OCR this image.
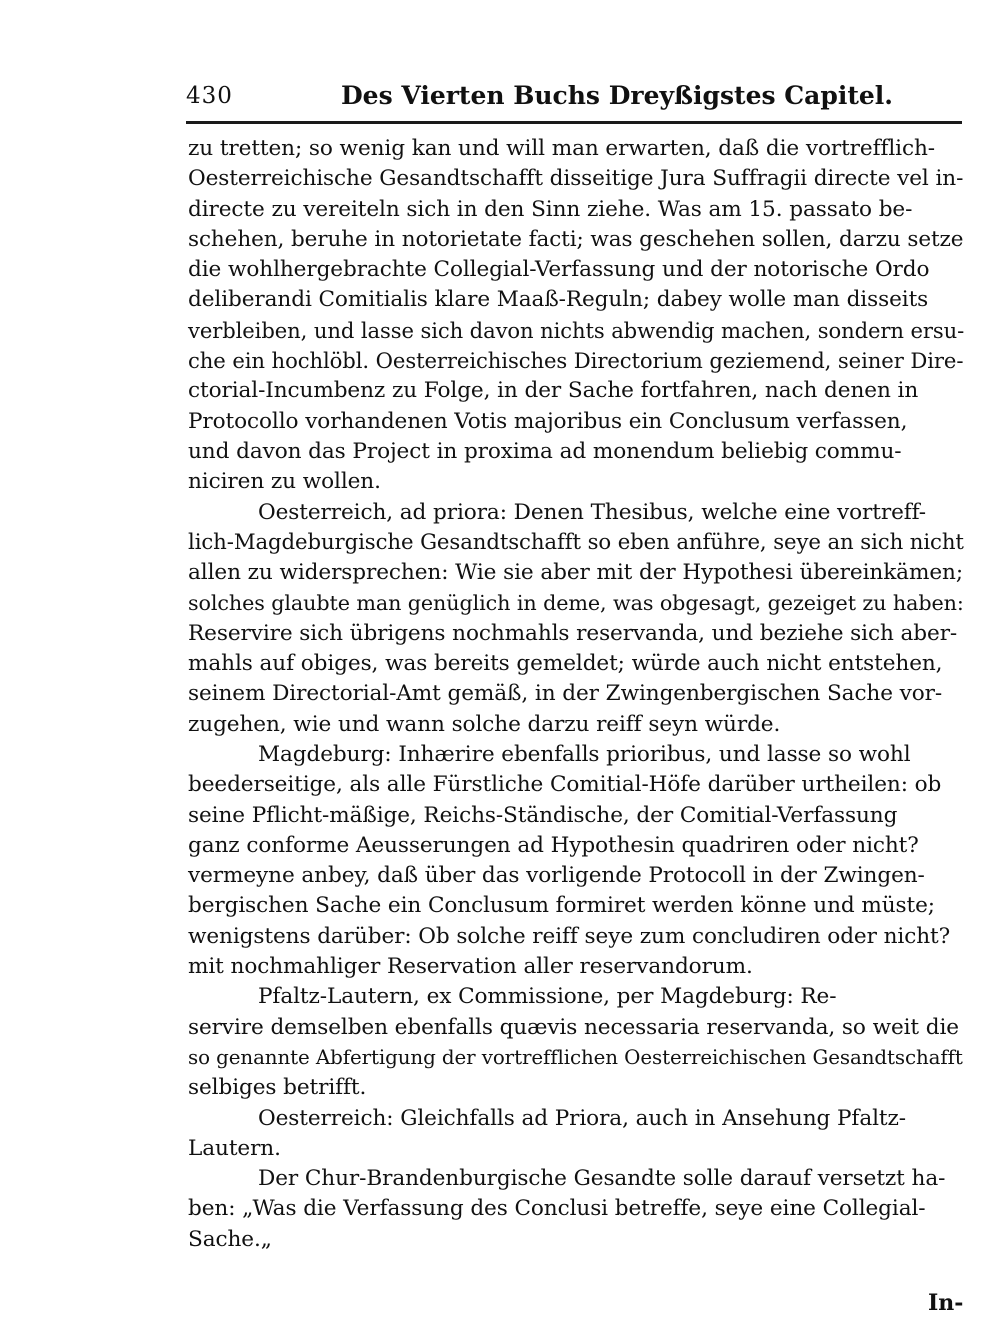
430	Des Vierten Buchs Dreyßigstes Capitel.
zu tretten; so wenig kan und will man erwarten, daß die vortrefflich-
Oesterreichische Gesandtschafft disseitige Jura Suffragii directe vel in-
directe zu vereiteln sich in den Sinn ziehe. Was am 15. passato be-
schehen, beruhe in notorietate facti; was geschehen sollen, darzu setze
die wohlhergebrachte Collegial-Verfassung und der notorische Ordo
deliberandi Comitialis klare Maaß-Reguln; dabey wolle man disseits
verbleiben, und lasse sich davon nichts abwendig machen, sondern ersu-
che ein hochlöbl. Oesterreichisches Directorium geziemend, seiner Dire-
ctorial-Incumbenz zu Folge, in der Sache fortfahren, nach denen in
Protocollo vorhandenen Votis majoribus ein Conclusum verfassen,
und davon das Project in proxima ad monendum beliebig commu-
niciren zu wollen.
Oesterreich, ad priora: Denen Thesibus, welche eine vortreff-
lich-Magdeburgische Gesandtschafft so eben anführe, seye an sich nicht
allen zu widersprechen: Wie sie aber mit der Hypothesi übereinkämen;
solches glaubte man genüglich in deme, was obgesagt, gezeiget zu haben:
Reservire sich übrigens nochmahls reservanda, und beziehe sich aber-
mahls auf obiges, was bereits gemeldet; würde auch nicht entstehen,
seinem Directorial-Amt gemäß, in der Zwingenbergischen Sache vor-
zugehen, wie und wann solche darzu reiff seyn würde.
Magdeburg: Inhærire ebenfalls prioribus, und lasse so wohl
beederseitige, als alle Fürstliche Comitial-Höfe darüber urtheilen: ob
seine Pflicht-mäßige, Reichs-Ständische, der Comitial-Verfassung
ganz conforme Aeusserungen ad Hypothesin quadriren oder nicht?
vermeyne anbey, daß über das vorligende Protocoll in der Zwingen-
bergischen Sache ein Conclusum formiret werden könne und müste;
wenigstens darüber: Ob solche reiff seye zum concludiren oder nicht?
mit nochmahliger Reservation aller reservandorum.
Pfaltz-Lautern, ex Commissione, per Magdeburg: Re-
servire demselben ebenfalls quævis necessaria reservanda, so weit die
so genannte Abfertigung der vortrefflichen Oesterreichischen Gesandtschafft
selbiges betrifft.
Oesterreich: Gleichfalls ad Priora, auch in Ansehung Pfaltz-
Lautern.
Der Chur-Brandenburgische Gesandte solle darauf versetzt ha-
ben: „Was die Verfassung des Conclusi betreffe, seye eine Collegial-
Sache.„
In-
